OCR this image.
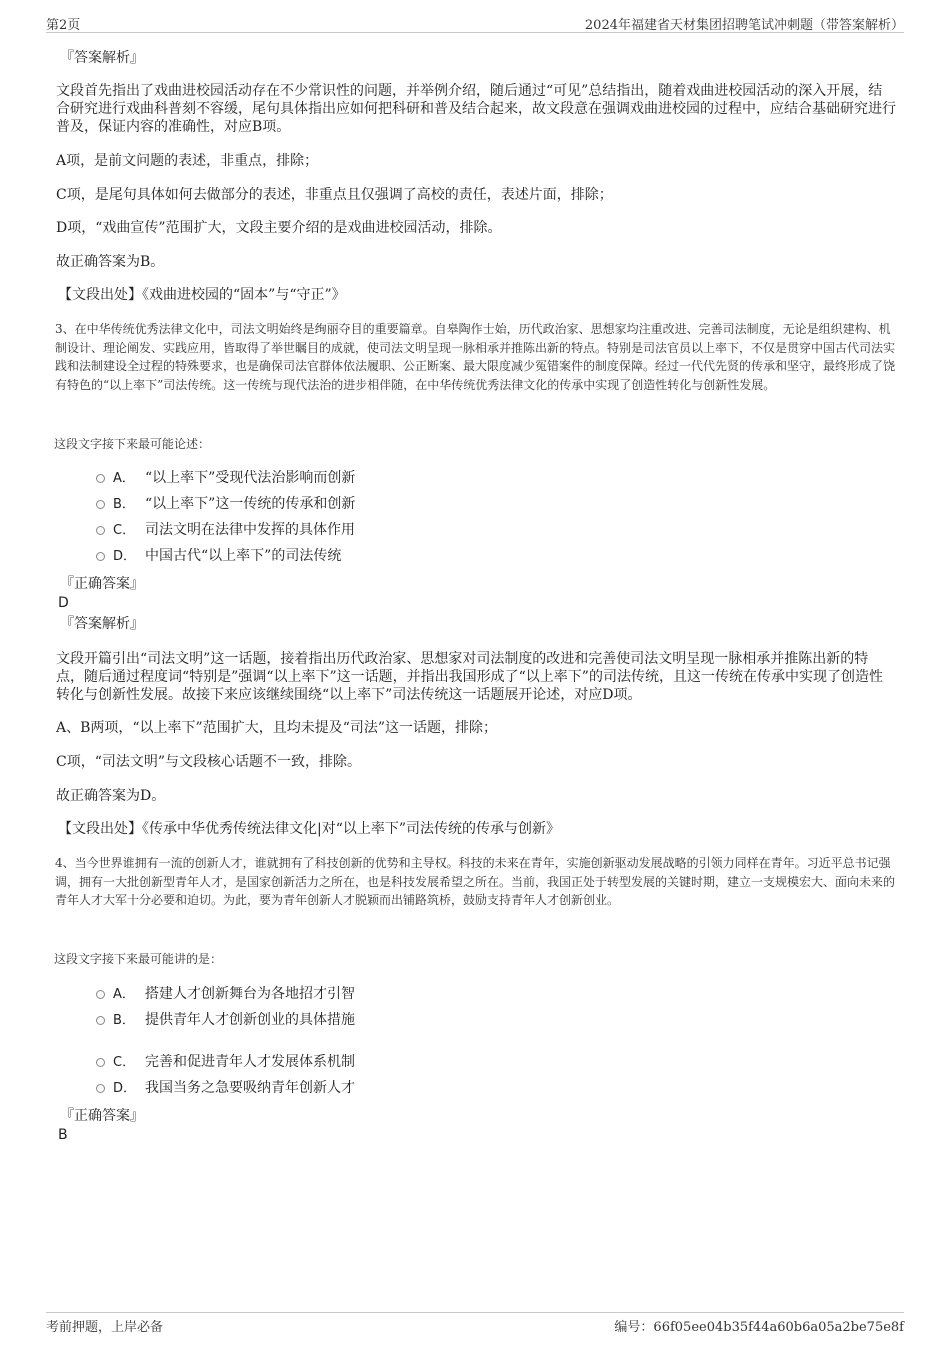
第2页	2024年福建省天材集团招聘笔试冲刺题（带答案解析）
『答案解析』
文段首先指出了戏曲进校园活动存在不少常识性的问题，并举例介绍，随后通过“可见”总结指出，随着戏曲进校园活动的深入开展，结合研究进行戏曲科普刻不容缓，尾句具体指出应如何把科研和普及结合起来，故文段意在强调戏曲进校园的过程中，应结合基础研究进行普及，保证内容的准确性，对应B项。
A项，是前文问题的表述，非重点，排除；
C项，是尾句具体如何去做部分的表述，非重点且仅强调了高校的责任，表述片面，排除；
D项，“戏曲宣传”范围扩大，文段主要介绍的是戏曲进校园活动，排除。
故正确答案为B。
【文段出处】《戏曲进校园的“固本”与“守正”》
3、在中华传统优秀法律文化中，司法文明始终是绚丽夺目的重要篇章。自皋陶作士始，历代政治家、思想家均注重改进、完善司法制度，无论是组织建构、机制设计、理论阐发、实践应用，皆取得了举世瞩目的成就，使司法文明呈现一脉相承并推陈出新的特点。特别是司法官员以上率下，不仅是贯穿中国古代司法实践和法制建设全过程的特殊要求，也是确保司法官群体依法履职、公正断案、最大限度减少冤错案件的制度保障。经过一代代先贤的传承和坚守，最终形成了饶有特色的“以上率下”司法传统。这一传统与现代法治的进步相伴随，在中华传统优秀法律文化的传承中实现了创造性转化与创新性发展。
这段文字接下来最可能论述：
A． “以上率下”受现代法治影响而创新
B． “以上率下”这一传统的传承和创新
C． 司法文明在法律中发挥的具体作用
D． 中国古代“以上率下”的司法传统
『正确答案』
D
『答案解析』
文段开篇引出“司法文明”这一话题，接着指出历代政治家、思想家对司法制度的改进和完善使司法文明呈现一脉相承并推陈出新的特点，随后通过程度词“特别是”强调“以上率下”这一话题，并指出我国形成了“以上率下”的司法传统，且这一传统在传承中实现了创造性转化与创新性发展。故接下来应该继续围绕“以上率下”司法传统这一话题展开论述，对应D项。
A、B两项，“以上率下”范围扩大，且均未提及“司法”这一话题，排除；
C项，“司法文明”与文段核心话题不一致，排除。
故正确答案为D。
【文段出处】《传承中华优秀传统法律文化|对“以上率下”司法传统的传承与创新》
4、当今世界谁拥有一流的创新人才，谁就拥有了科技创新的优势和主导权。科技的未来在青年，实施创新驱动发展战略的引领力同样在青年。习近平总书记强调，拥有一大批创新型青年人才，是国家创新活力之所在，也是科技发展希望之所在。当前，我国正处于转型发展的关键时期，建立一支规模宏大、面向未来的青年人才大军十分必要和迫切。为此，要为青年创新人才脱颖而出铺路筑桥，鼓励支持青年人才创新创业。
这段文字接下来最可能讲的是：
A． 搭建人才创新舞台为各地招才引智
B． 提供青年人才创新创业的具体措施
C． 完善和促进青年人才发展体系机制
D． 我国当务之急要吸纳青年创新人才
『正确答案』
B
考前押题，上岸必备	编号：66f05ee04b35f44a60b6a05a2be75e8f
